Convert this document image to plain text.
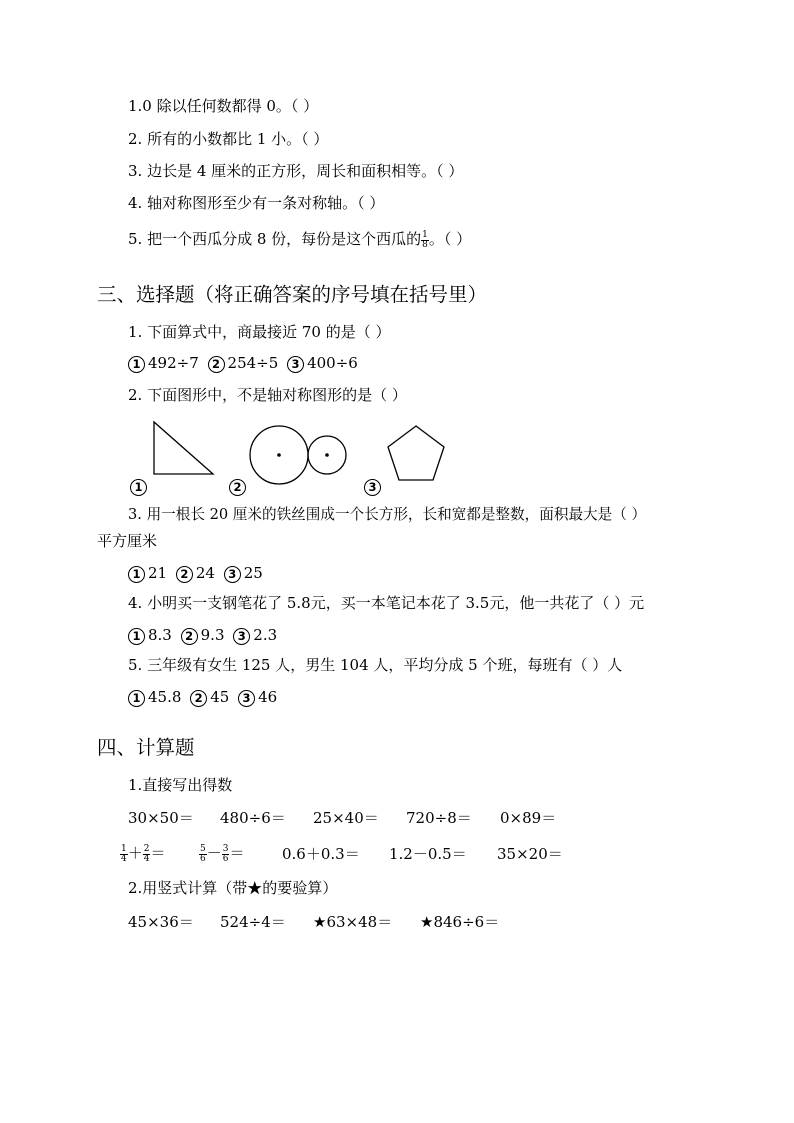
1.0 除以任何数都得 0。（ ）
2. 所有的小数都比 1 小。（ ）
3. 边长是 4 厘米的正方形，周长和面积相等。（ ）
4. 轴对称图形至少有一条对称轴。（ ）
5. 把一个西瓜分成 8 份，每份是这个西瓜的 $\frac{1}{8}$ 。（ ）
三、选择题（将正确答案的序号填在括号里）
1. 下面算式中，商最接近 70 的是（ ）
1 492÷7 2 254÷5 3 400÷6
2. 下面图形中，不是轴对称图形的是（ ）
1	2	3
3. 用一根长 20 厘米的铁丝围成一个长方形，长和宽都是整数，面积最大是（ ）
平方厘米
1 21 2 24 3 25
4. 小明买一支钢笔花了 5.8元，买一本笔记本花了 3.5元，他一共花了（ ）元
1 8.3 2 9.3 3 2.3
5. 三年级有女生 125 人，男生 104 人，平均分成 5 个班，每班有（ ）人
1 45.8 2 45 3 46
四、计算题
1.直接写出得数
30×50＝ 480÷6＝ 25×40＝ 720÷8＝ 0×89＝
$\frac{1}{4} + \frac{2}{4}$ ＝	$\frac{5}{6} - \frac{3}{6}$ ＝	0.6＋0.3＝ 1.2－0.5＝ 35×20＝
2.用竖式计算（带★的要验算）
45×36＝ 524÷4＝ ★63×48＝ ★846÷6＝
